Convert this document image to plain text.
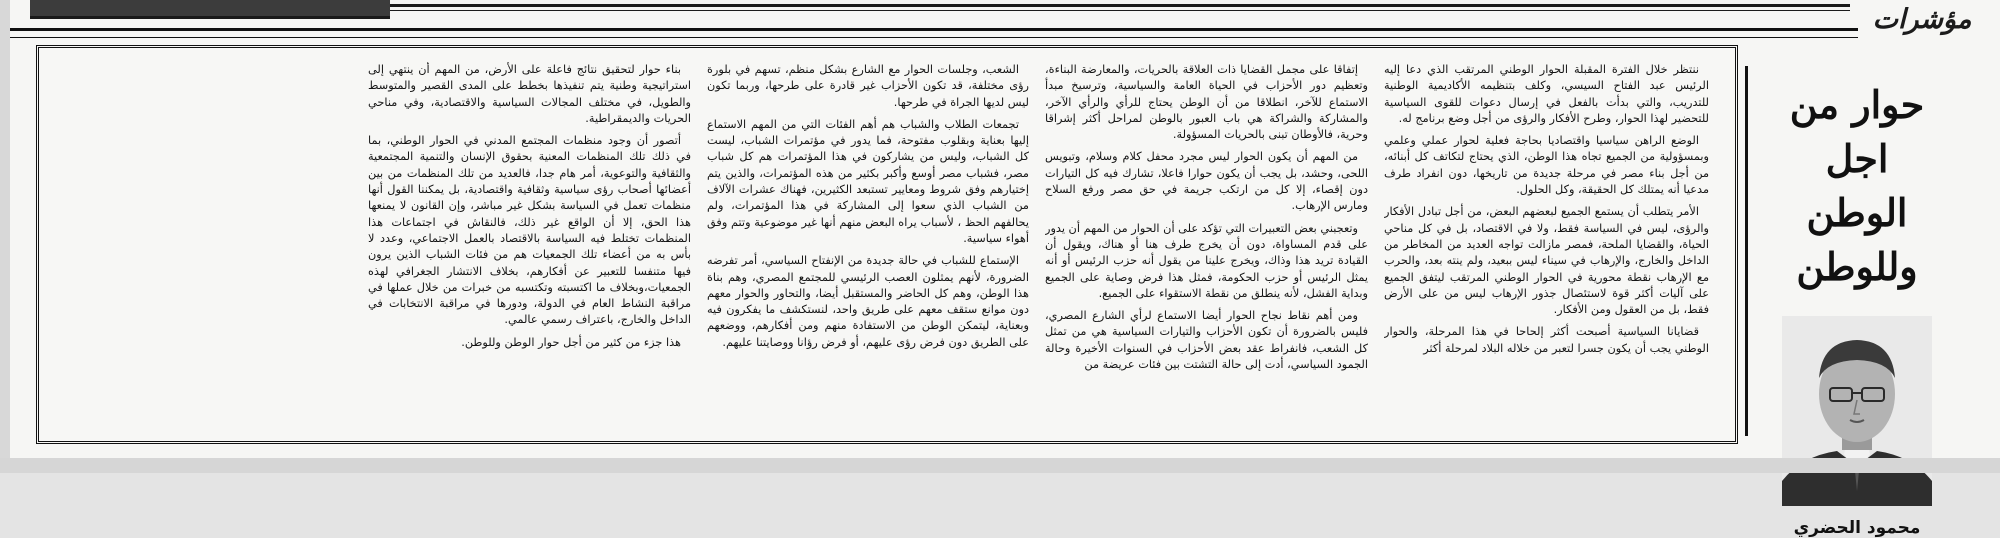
مؤشرات
حوار من اجل
الوطن وللوطن
محمود الحضري

ننتظر خلال الفترة المقبلة الحوار الوطني المرتقب الذي دعا إليه الرئيس عبد الفتاح السيسي، وكلف بتنظيمه الأكاديمية الوطنية للتدريب، والتي بدأت بالفعل في إرسال دعوات للقوى السياسية للتحضير لهذا الحوار، وطرح الأفكار والرؤى من أجل وضع برنامج له.

الوضع الراهن سياسيا واقتصاديا بحاجة فعلية لحوار عملي وعلمي وبمسؤولية من الجميع تجاه هذا الوطن، الذي يحتاج لتكاتف كل أبنائه، من أجل بناء مصر في مرحلة جديدة من تاريخها، دون انفراد طرف مدعيا أنه يمتلك كل الحقيقة، وكل الحلول.

الأمر يتطلب أن يستمع الجميع لبعضهم البعض، من أجل تبادل الأفكار والرؤى، ليس في السياسة فقط، ولا في الاقتصاد، بل في كل مناحي الحياة، والقضايا الملحة، فمصر مازالت تواجه العديد من المخاطر من الداخل والخارج، والإرهاب في سيناء ليس ببعيد، ولم ينته بعد، والحرب مع الإرهاب نقطة محورية في الحوار الوطني المرتقب ليتفق الجميع على آليات أكثر قوة لاستئصال جذور الإرهاب ليس من على الأرض فقط، بل من العقول ومن الأفكار.

قضايانا السياسية أصبحت أكثر إلحاحا في هذا المرحلة، والحوار الوطني يجب أن يكون جسرا لتعبر من خلاله البلاد لمرحلة أكثر

إتفاقا على مجمل القضايا ذات العلاقة بالحريات، والمعارضة البناءة، وتعظيم دور الأحزاب في الحياة العامة والسياسية، وترسيخ مبدأ الاستماع للآخر، انطلاقا من أن الوطن يحتاج للرأي والرأي الآخر، والمشاركة والشراكة هي باب العبور بالوطن لمراحل أكثر إشراقا وحرية، فالأوطان تبنى بالحريات المسؤولة.

من المهم أن يكون الحوار ليس مجرد محفل كلام وسلام، وتبويس اللحى، وحشد، بل يجب أن يكون حوارا فاعلا، تشارك فيه كل التيارات دون إقصاء، إلا كل من ارتكب جريمة في حق مصر ورفع السلاح ومارس الإرهاب.

وتعجبني بعض التعبيرات التي تؤكد على أن الحوار من المهم أن يدور على قدم المساواة، دون أن يخرج طرف هنا أو هناك، ويقول أن القيادة تريد هذا وذاك، ويخرج علينا من يقول أنه حزب الرئيس أو أنه يمثل الرئيس أو حزب الحكومة، فمثل هذا فرض وصاية على الجميع وبداية الفشل، لأنه ينطلق من نقطة الاستقواء على الجميع.

ومن أهم نقاط نجاح الحوار أيضا الاستماع لرأي الشارع المصري، فليس بالضرورة أن تكون الأحزاب والتيارات السياسية هي من تمثل كل الشعب، فانفراط عقد بعض الأحزاب في السنوات الأخيرة وحالة الجمود السياسي، أدت إلى حالة التشتت بين فئات عريضة من

الشعب، وجلسات الحوار مع الشارع بشكل منظم، تسهم في بلورة رؤى مختلفة، قد تكون الأحزاب غير قادرة على طرحها، وربما تكون ليس لديها الجراة في طرحها.

تجمعات الطلاب والشباب هم أهم الفئات التي من المهم الاستماع إليها بعناية وبقلوب مفتوحة، فما يدور في مؤتمرات الشباب، ليست كل الشباب، وليس من يشاركون في هذا المؤتمرات هم كل شباب مصر، فشباب مصر أوسع وأكبر بكثير من هذه المؤتمرات، والذين يتم إختيارهم وفق شروط ومعايير تستبعد الكثيرين، فهناك عشرات الآلاف من الشباب الذي سعوا إلى المشاركة في هذا المؤتمرات، ولم يحالفهم الحظ ، لأسباب يراه البعض منهم أنها غير موضوعية وتتم وفق أهواء سياسية.

الإستماع للشباب في حالة جديدة من الإنفتاح السياسي، أمر تفرضه الضرورة، لأنهم يمثلون العصب الرئيسي للمجتمع المصري، وهم بناة هذا الوطن، وهم كل الحاضر والمستقبل أيضا، والتحاور والحوار معهم دون موانع ستقف معهم على طريق واحد، لنستكشف ما يفكرون فيه وبعناية، ليتمكن الوطن من الاستفادة منهم ومن أفكارهم، ووضعهم على الطريق دون فرض رؤى عليهم، أو فرض رؤانا ووصايتنا عليهم.

بناء حوار لتحقيق نتائج فاعلة على الأرض، من المهم أن ينتهي إلى استراتيجية وطنية يتم تنفيذها بخطط على المدى القصير والمتوسط والطويل، في مختلف المجالات السياسية والاقتصادية، وفي مناحي الحريات والديمقراطية.

أتصور أن وجود منظمات المجتمع المدني في الحوار الوطني، بما في ذلك تلك المنظمات المعنية بحقوق الإنسان والتنمية المجتمعية والثقافية والتوعوية، أمر هام جدا، فالعديد من تلك المنظمات من بين أعضائها أصحاب رؤى سياسية وثقافية واقتصادية، بل يمكننا القول أنها منظمات تعمل في السياسة بشكل غير مباشر، وإن القانون لا يمنعها هذا الحق، إلا أن الواقع غير ذلك، فالنقاش في اجتماعات هذا المنظمات تختلط فيه السياسة بالاقتصاد بالعمل الاجتماعي، وعدد لا بأس به من أعضاء تلك الجمعيات هم من فئات الشباب الذين يرون فيها متنفسا للتعبير عن أفكارهم، بخلاف الانتشار الجغرافي لهذه الجمعيات،وبخلاف ما اكتسبته وتكتسبه من خبرات من خلال عملها في مراقبة النشاط العام في الدولة، ودورها في مراقبة الانتخابات في الداخل والخارج، باعتراف رسمي عالمي.

هذا جزء من كثير من أجل حوار الوطن وللوطن.
